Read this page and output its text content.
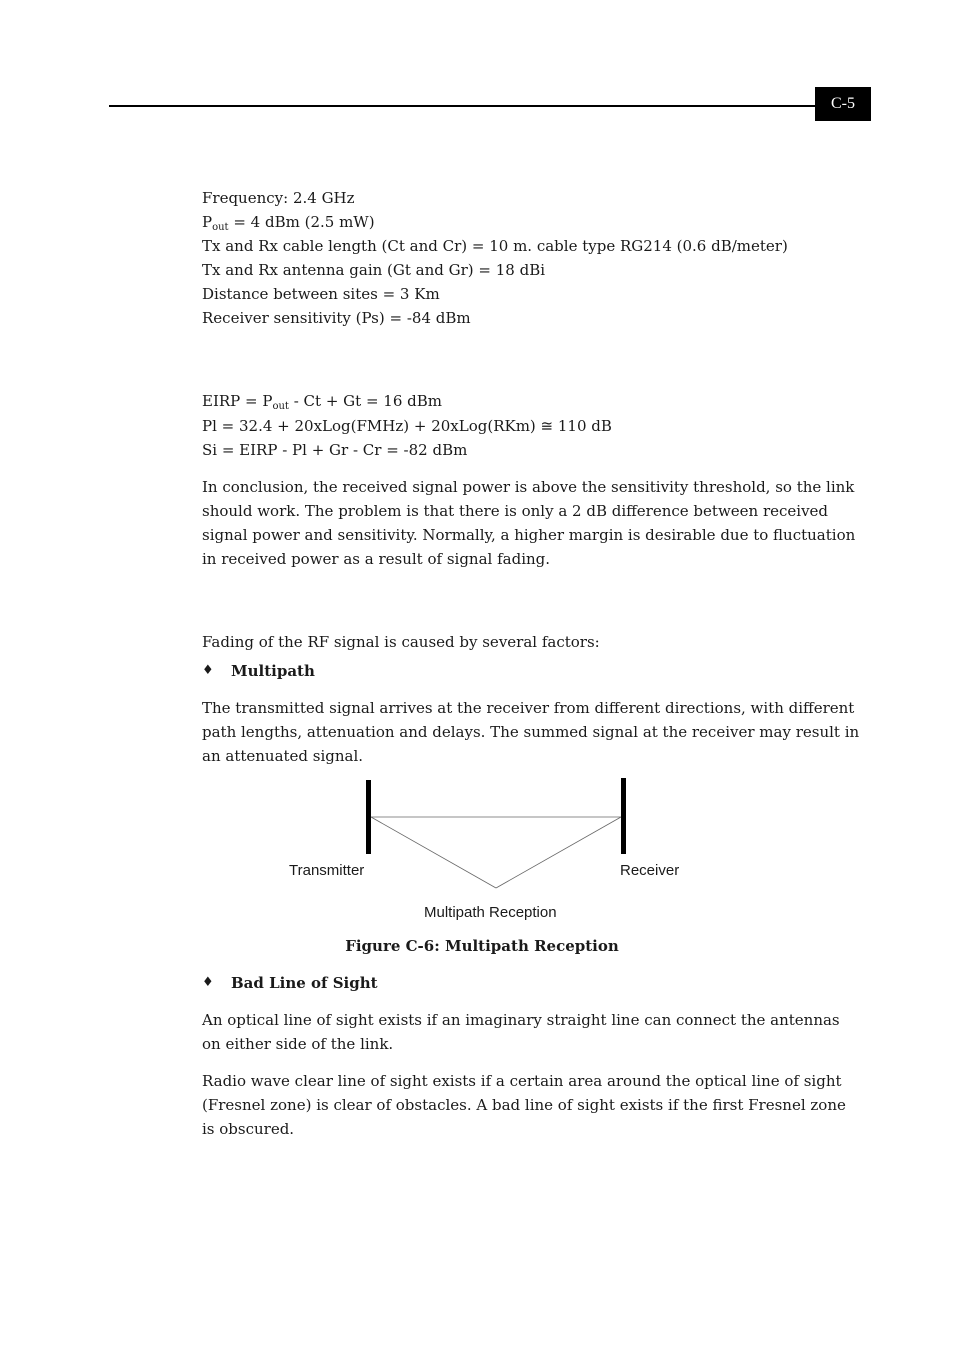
C-5
Frequency: 2.4 GHz
$P_{out} = 4$ dBm (2.5 mW)
Tx and Rx cable length (Ct and Cr) = 10 m. cable type RG214 (0.6 dB/meter)
Tx and Rx antenna gain (Gt and Gr) = 18 dBi
Distance between sites = 3 Km
Receiver sensitivity (Ps) = -84 dBm
EIRP = $P_{out} - Ct + Gt = 16$ dBm
Pl = 32.4 + 20xLog(FMHz) + 20xLog(RKm) ≅ 110 dB
Si = EIRP - Pl + Gr - Cr = -82 dBm

In conclusion, the received signal power is above the sensitivity threshold, so the link should work. The problem is that there is only a 2 dB difference between received signal power and sensitivity. Normally, a higher margin is desirable due to fluctuation in received power as a result of signal fading.

Fading of the RF signal is caused by several factors:

♦	Multipath

The transmitted signal arrives at the receiver from different directions, with different path lengths, attenuation and delays. The summed signal at the receiver may result in an attenuated signal.

Transmitter	Receiver
Multipath Reception
Figure C-6: Multipath Reception
♦	Bad Line of Sight

An optical line of sight exists if an imaginary straight line can connect the antennas on either side of the link.

Radio wave clear line of sight exists if a certain area around the optical line of sight (Fresnel zone) is clear of obstacles. A bad line of sight exists if the first Fresnel zone is obscured.
